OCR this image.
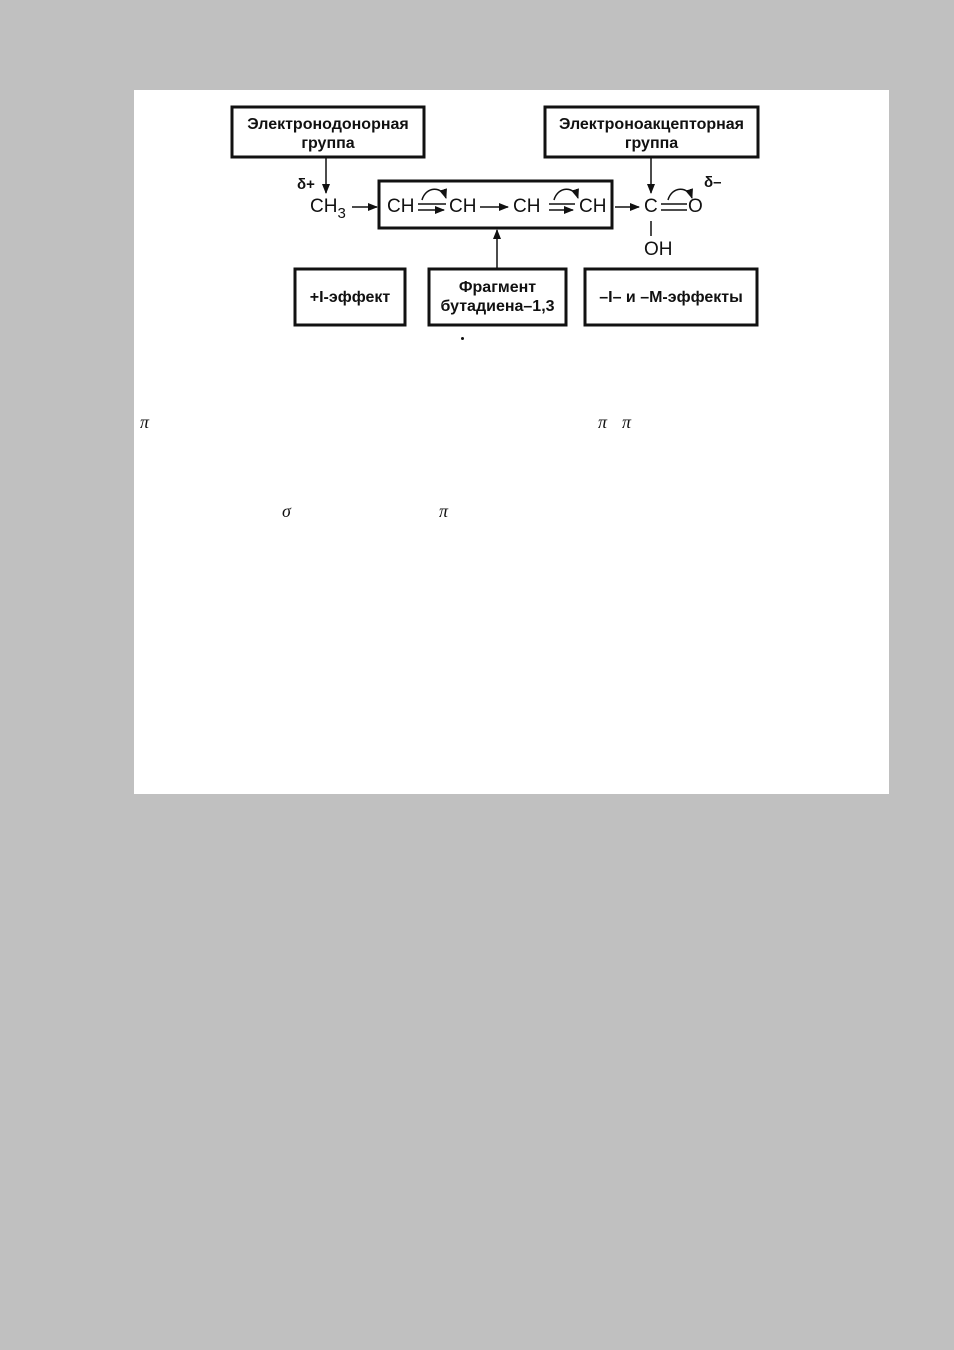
Электронодонорная
группа
Электроноакцепторная
группа
+I-эффект
Фрагмент
бутадиена–1,3
–I– и –M-эффекты
δ+
$CH_3$ CH CH CH CH C O
δ–
OH
π	π π
σ	π
